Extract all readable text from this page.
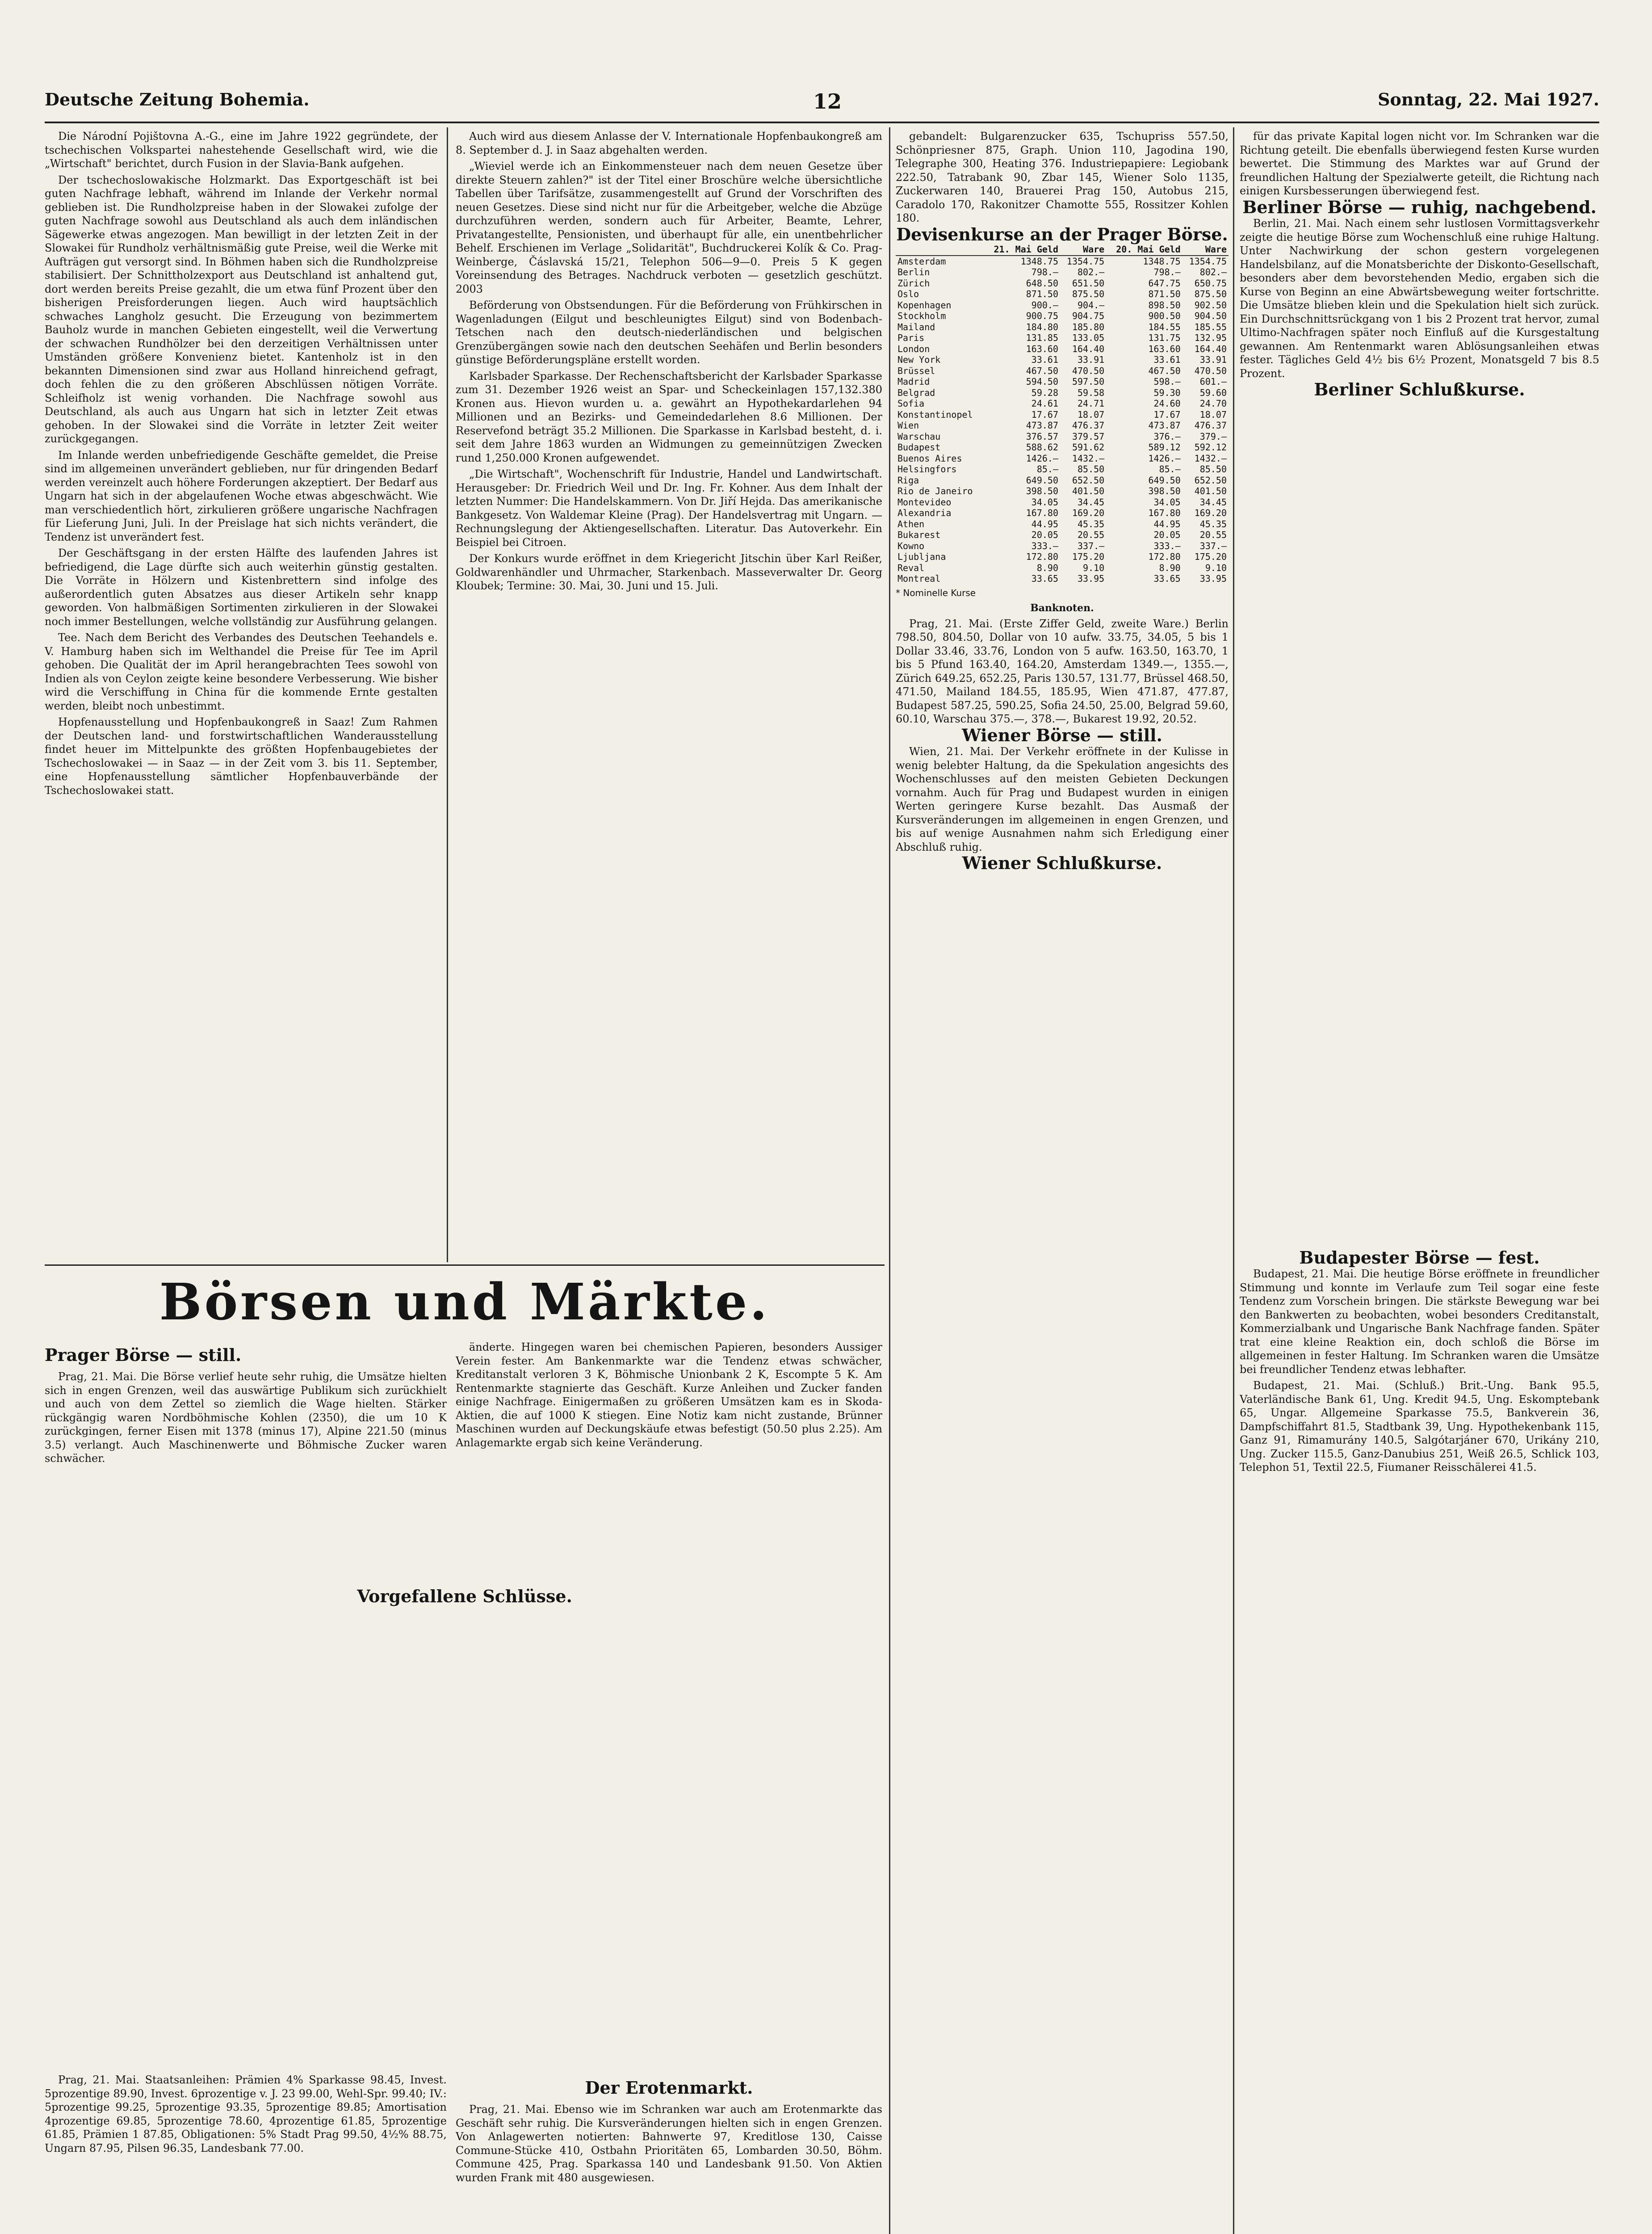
Deutsche Zeitung Bohemia.	12	Sonntag, 22. Mai 1927.

Die Národní Pojištovna A.-G., eine im Jahre 1922 gegründete, der tschechischen Volkspartei nahestehende Gesellschaft wird, wie die „Wirtschaft" berichtet, durch Fusion in der Slavia-Bank aufgehen.

Der tschechoslowakische Holzmarkt. Das Exportgeschäft ist bei guten Nachfrage lebhaft, während im Inlande der Verkehr normal geblieben ist. Die Rundholzpreise haben in der Slowakei zufolge der guten Nachfrage sowohl aus Deutschland als auch dem inländischen Sägewerke etwas angezogen. Man bewilligt in der letzten Zeit in der Slowakei für Rundholz verhältnismäßig gute Preise, weil die Werke mit Aufträgen gut versorgt sind. In Böhmen haben sich die Rundholzpreise stabilisiert. Der Schnittholzexport aus Deutschland ist anhaltend gut, dort werden bereits Preise gezahlt, die um etwa fünf Prozent über den bisherigen Preisforderungen liegen. Auch wird hauptsächlich schwaches Langholz gesucht. Die Erzeugung von bezimmertem Bauholz wurde in manchen Gebieten eingestellt, weil die Verwertung der schwachen Rundhölzer bei den derzeitigen Verhältnissen unter Umständen größere Konvenienz bietet. Kantenholz ist in den bekannten Dimensionen sind zwar aus Holland hinreichend gefragt, doch fehlen die zu den größeren Abschlüssen nötigen Vorräte. Schleifholz ist wenig vorhanden. Die Nachfrage sowohl aus Deutschland, als auch aus Ungarn hat sich in letzter Zeit etwas gehoben. In der Slowakei sind die Vorräte in letzter Zeit weiter zurückgegangen.

Im Inlande werden unbefriedigende Geschäfte gemeldet, die Preise sind im allgemeinen unverändert geblieben, nur für dringenden Bedarf werden vereinzelt auch höhere Forderungen akzeptiert. Der Bedarf aus Ungarn hat sich in der abgelaufenen Woche etwas abgeschwächt. Wie man verschiedentlich hört, zirkulieren größere ungarische Nachfragen für Lieferung Juni, Juli. In der Preislage hat sich nichts verändert, die Tendenz ist unverändert fest.

Der Geschäftsgang in der ersten Hälfte des laufenden Jahres ist befriedigend, die Lage dürfte sich auch weiterhin günstig gestalten. Die Vorräte in Hölzern und Kistenbrettern sind infolge des außerordentlich guten Absatzes aus dieser Artikeln sehr knapp geworden. Von halbmäßigen Sortimenten zirkulieren in der Slowakei noch immer Bestellungen, welche vollständig zur Ausführung gelangen.

Tee. Nach dem Bericht des Verbandes des Deutschen Teehandels e. V. Hamburg haben sich im Welthandel die Preise für Tee im April gehoben. Die Qualität der im April herangebrachten Tees sowohl von Indien als von Ceylon zeigte keine besondere Verbesserung. Wie bisher wird die Verschiffung in China für die kommende Ernte gestalten werden, bleibt noch unbestimmt.

Hopfenausstellung und Hopfenbaukongreß in Saaz! Zum Rahmen der Deutschen land- und forstwirtschaftlichen Wanderausstellung findet heuer im Mittelpunkte des größten Hopfenbaugebietes der Tschechoslowakei — in Saaz — in der Zeit vom 3. bis 11. September, eine Hopfenausstellung sämtlicher Hopfenbauverbände der Tschechoslowakei statt.

Auch wird aus diesem Anlasse der V. Internationale Hopfenbaukongreß am 8. September d. J. in Saaz abgehalten werden.

„Wieviel werde ich an Einkommensteuer nach dem neuen Gesetze über direkte Steuern zahlen?" ist der Titel einer Broschüre welche übersichtliche Tabellen über Tarifsätze, zusammengestellt auf Grund der Vorschriften des neuen Gesetzes. Diese sind nicht nur für die Arbeitgeber, welche die Abzüge durchzuführen werden, sondern auch für Arbeiter, Beamte, Lehrer, Privatangestellte, Pensionisten, und überhaupt für alle, ein unentbehrlicher Behelf. Erschienen im Verlage „Solidarität", Buchdruckerei Kolík & Co. Prag-Weinberge, Čáslavská 15/21, Telephon 506—9—0. Preis 5 K gegen Voreinsendung des Betrages. Nachdruck verboten — gesetzlich geschützt. 2003

Beförderung von Obstsendungen. Für die Beförderung von Frühkirschen in Wagenladungen (Eilgut und beschleunigtes Eilgut) sind von Bodenbach-Tetschen nach den deutsch-niederländischen und belgischen Grenzübergängen sowie nach den deutschen Seehäfen und Berlin besonders günstige Beförderungspläne erstellt worden.

Karlsbader Sparkasse. Der Rechenschaftsbericht der Karlsbader Sparkasse zum 31. Dezember 1926 weist an Spar- und Scheckeinlagen 157,132.380 Kronen aus. Hievon wurden u. a. gewährt an Hypothekardarlehen 94 Millionen und an Bezirks- und Gemeindedarlehen 8.6 Millionen. Der Reservefond beträgt 35.2 Millionen. Die Sparkasse in Karlsbad besteht, d. i. seit dem Jahre 1863 wurden an Widmungen zu gemeinnützigen Zwecken rund 1,250.000 Kronen aufgewendet.

„Die Wirtschaft", Wochenschrift für Industrie, Handel und Landwirtschaft. Herausgeber: Dr. Friedrich Weil und Dr. Ing. Fr. Kohner. Aus dem Inhalt der letzten Nummer: Die Handelskammern. Von Dr. Jiří Hejda. Das amerikanische Bankgesetz. Von Waldemar Kleine (Prag). Der Handelsvertrag mit Ungarn. — Rechnungslegung der Aktiengesellschaften. Literatur. Das Autoverkehr. Ein Beispiel bei Citroen.

Der Konkurs wurde eröffnet in dem Kriegericht Jitschin über Karl Reißer, Goldwarenhändler und Uhrmacher, Starkenbach. Masseverwalter Dr. Georg Kloubek; Termine: 30. Mai, 30. Juni und 15. Juli.

Börsen und Märkte.
Prager Börse — still.

Prag, 21. Mai. Die Börse verlief heute sehr ruhig, die Umsätze hielten sich in engen Grenzen, weil das auswärtige Publikum sich zurückhielt und auch von dem Zettel so ziemlich die Wage hielten. Stärker rückgängig waren Nordböhmische Kohlen (2350), die um 10 K zurückgingen, ferner Eisen mit 1378 (minus 17), Alpine 221.50 (minus 3.5) verlangt. Auch Maschinenwerte und Böhmische Zucker waren schwächer.

änderte. Hingegen waren bei chemischen Papieren, besonders Aussiger Verein fester. Am Bankenmarkte war die Tendenz etwas schwächer, Kreditanstalt verloren 3 K, Böhmische Unionbank 2 K, Escompte 5 K. Am Rentenmarkte stagnierte das Geschäft. Kurze Anleihen und Zucker fanden einige Nachfrage. Einigermaßen zu größeren Umsätzen kam es in Skoda-Aktien, die auf 1000 K stiegen. Eine Notiz kam nicht zustande, Brünner Maschinen wurden auf Deckungskäufe etwas befestigt (50.50 plus 2.25). Am Anlagemarkte ergab sich keine Veränderung.

Vorgefallene Schlüsse.

Prag, 21. Mai. Staatsanleihen: Prämien 4% Sparkasse 98.45, Invest. 5prozentige 89.90, Invest. 6prozentige v. J. 23 99.00, Wehl-Spr. 99.40; IV.: 5prozentige 99.25, 5prozentige 93.35, 5prozentige 89.85; Amortisation 4prozentige 69.85, 5prozentige 78.60, 4prozentige 61.85, 5prozentige 61.85, Prämien 1 87.85, Obligationen: 5% Stadt Prag 99.50, 4½% 88.75, Ungarn 87.95, Pilsen 96.35, Landesbank 77.00.

Der Erotenmarkt.

Prag, 21. Mai. Ebenso wie im Schranken war auch am Erotenmarkte das Geschäft sehr ruhig. Die Kursveränderungen hielten sich in engen Grenzen. Von Anlagewerten notierten: Bahnwerte 97, Kreditlose 130, Caisse Commune-Stücke 410, Ostbahn Prioritäten 65, Lombarden 30.50, Böhm. Commune 425, Prag. Sparkassa 140 und Landesbank 91.50. Von Aktien wurden Frank mit 480 ausgewiesen.

gebandelt: Bulgarenzucker 635, Tschupriss 557.50, Schönpriesner 875, Graph. Union 110, Jagodina 190, Telegraphe 300, Heating 376. Industriepapiere: Legiobank 222.50, Tatrabank 90, Zbar 145, Wiener Solo 1135, Zuckerwaren 140, Brauerei Prag 150, Autobus 215, Caradolo 170, Rakonitzer Chamotte 555, Rossitzer Kohlen 180.

Devisenkurse an der Prager Börse.
	21. Mai Geld	Ware	20. Mai Geld	Ware
Amsterdam	1348.75	1354.75	1348.75	1354.75
Berlin	798.—	802.—	798.—	802.—
Zürich	648.50	651.50	647.75	650.75
Oslo	871.50	875.50	871.50	875.50
Kopenhagen	900.—	904.—	898.50	902.50
Stockholm	900.75	904.75	900.50	904.50
Mailand	184.80	185.80	184.55	185.55
Paris	131.85	133.05	131.75	132.95
London	163.60	164.40	163.60	164.40
New York	33.61	33.91	33.61	33.91
Brüssel	467.50	470.50	467.50	470.50
Madrid	594.50	597.50	598.—	601.—
Belgrad	59.28	59.58	59.30	59.60
Sofia	24.61	24.71	24.60	24.70
Konstantinopel	17.67	18.07	17.67	18.07
Wien	473.87	476.37	473.87	476.37
Warschau	376.57	379.57	376.—	379.—
Budapest	588.62	591.62	589.12	592.12
Buenos Aires	1426.—	1432.—	1426.—	1432.—
Helsingfors	85.—	85.50	85.—	85.50
Riga	649.50	652.50	649.50	652.50
Rio de Janeiro	398.50	401.50	398.50	401.50
Montevideo	34.05	34.45	34.05	34.45
Alexandria	167.80	169.20	167.80	169.20
Athen	44.95	45.35	44.95	45.35
Bukarest	20.05	20.55	20.05	20.55
Kowno	333.—	337.—	333.—	337.—
Ljubljana	172.80	175.20	172.80	175.20
Reval	8.90	9.10	8.90	9.10
Montreal	33.65	33.95	33.65	33.95
* Nominelle Kurse
Banknoten.

Prag, 21. Mai. (Erste Ziffer Geld, zweite Ware.) Berlin 798.50, 804.50, Dollar von 10 aufw. 33.75, 34.05, 5 bis 1 Dollar 33.46, 33.76, London von 5 aufw. 163.50, 163.70, 1 bis 5 Pfund 163.40, 164.20, Amsterdam 1349.—, 1355.—, Zürich 649.25, 652.25, Paris 130.57, 131.77, Brüssel 468.50, 471.50, Mailand 184.55, 185.95, Wien 471.87, 477.87, Budapest 587.25, 590.25, Sofia 24.50, 25.00, Belgrad 59.60, 60.10, Warschau 375.—, 378.—, Bukarest 19.92, 20.52.

Wiener Börse — still.

Wien, 21. Mai. Der Verkehr eröffnete in der Kulisse in wenig belebter Haltung, da die Spekulation angesichts des Wochenschlusses auf den meisten Gebieten Deckungen vornahm. Auch für Prag und Budapest wurden in einigen Werten geringere Kurse bezahlt. Das Ausmaß der Kursveränderungen im allgemeinen in engen Grenzen, und bis auf wenige Ausnahmen nahm sich Erledigung einer Abschluß ruhig.

Wiener Schlußkurse.

für das private Kapital logen nicht vor. Im Schranken war die Richtung geteilt. Die ebenfalls überwiegend festen Kurse wurden bewertet. Die Stimmung des Marktes war auf Grund der freundlichen Haltung der Spezialwerte geteilt, die Richtung nach einigen Kursbesserungen überwiegend fest.

Berliner Börse — ruhig, nachgebend.

Berlin, 21. Mai. Nach einem sehr lustlosen Vormittagsverkehr zeigte die heutige Börse zum Wochenschluß eine ruhige Haltung. Unter Nachwirkung der schon gestern vorgelegenen Handelsbilanz, auf die Monatsberichte der Diskonto-Gesellschaft, besonders aber dem bevorstehenden Medio, ergaben sich die Kurse von Beginn an eine Abwärtsbewegung weiter fortschritte. Die Umsätze blieben klein und die Spekulation hielt sich zurück. Ein Durchschnittsrückgang von 1 bis 2 Prozent trat hervor, zumal Ultimo-Nachfragen später noch Einfluß auf die Kursgestaltung gewannen. Am Rentenmarkt waren Ablösungsanleihen etwas fester. Tägliches Geld 4½ bis 6½ Prozent, Monatsgeld 7 bis 8.5 Prozent.

Berliner Schlußkurse.
Budapester Börse — fest.

Budapest, 21. Mai. Die heutige Börse eröffnete in freundlicher Stimmung und konnte im Verlaufe zum Teil sogar eine feste Tendenz zum Vorschein bringen. Die stärkste Bewegung war bei den Bankwerten zu beobachten, wobei besonders Creditanstalt, Kommerzialbank und Ungarische Bank Nachfrage fanden. Später trat eine kleine Reaktion ein, doch schloß die Börse im allgemeinen in fester Haltung. Im Schranken waren die Umsätze bei freundlicher Tendenz etwas lebhafter.

Budapest, 21. Mai. (Schluß.) Brit.-Ung. Bank 95.5, Vaterländische Bank 61, Ung. Kredit 94.5, Ung. Eskomptebank 65, Ungar. Allgemeine Sparkasse 75.5, Bankverein 36, Dampfschiffahrt 81.5, Stadtbank 39, Ung. Hypothekenbank 115, Ganz 91, Rimamurány 140.5, Salgótarjáner 670, Urikány 210, Ung. Zucker 115.5, Ganz-Danubius 251, Weiß 26.5, Schlick 103, Telephon 51, Textil 22.5, Fiumaner Reisschälerei 41.5.
